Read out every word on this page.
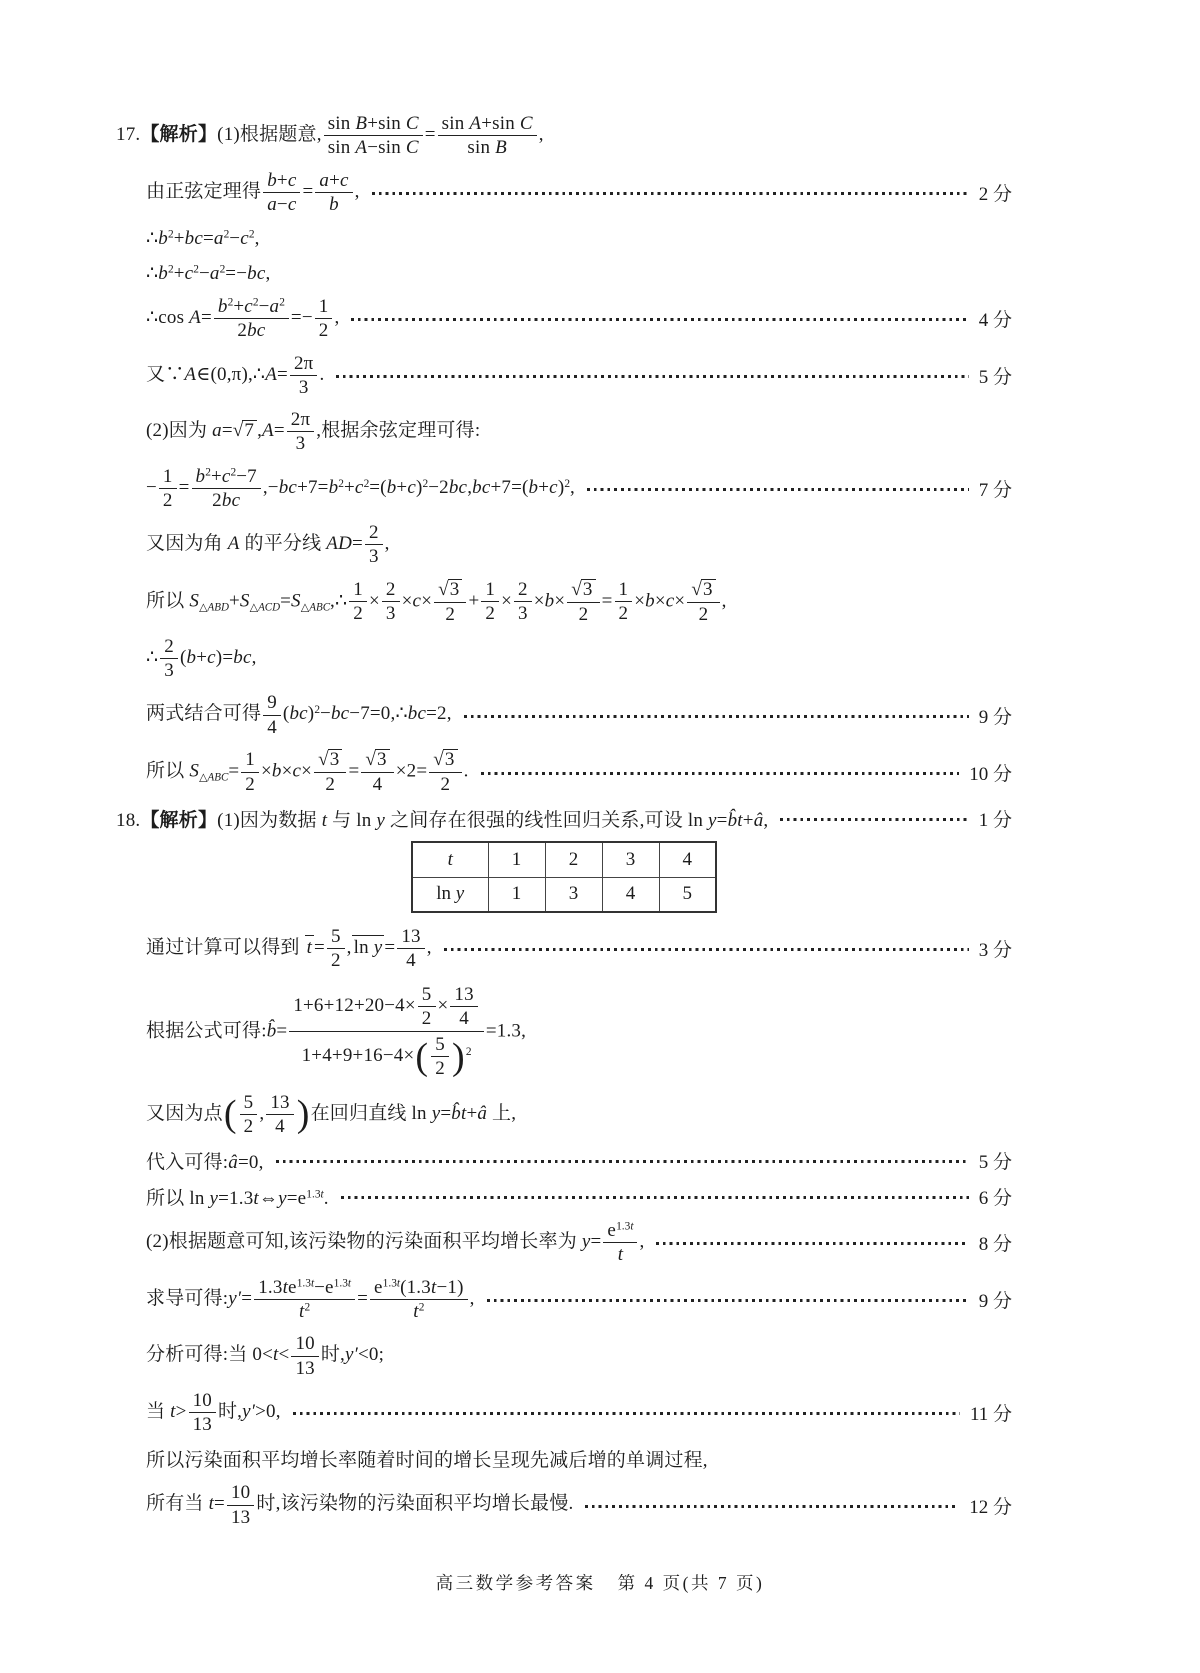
17.【解析】(1)根据题意, $\frac{\text{sin B+sin C}}{\text{sin A−sin C}} = \frac{\text{sin A+sin C}}{\text{sin B}}$ ,
由正弦定理得 $\frac{b+c}{a-c} = \frac{a+c}{b}$ ,	2 分
$\therefore b^2+bc=a^2-c^2$,
$\therefore b^2+c^2-a^2=-bc$,
∴cos $A= \frac{b^2+c^2-a^2}{2bc} =- \frac{1}{2}$ ,	4 分
又∵A∈(0,π),∴A= $\frac{2\pi}{3}$ .	5 分
(2)因为 a=√7 $,A= \frac{2\pi}{3}$ ,根据余弦定理可得:
− $\frac{1}{2} = \frac{b^2+c^2-7}{2bc} ,-bc+7=b^2+c^2=(b+c)^2-2bc,bc+7=(b+c)^2$,	7 分
又因为角 A 的平分线 $AD= \frac{2}{3}$ ,
所以 $S_{\triangle ABD}+S_{\triangle ACD}=S_{\triangle ABC},\therefore \frac{1}{2} \times \frac{2}{3} \times c\times \frac{√3}{2} + \frac{1}{2} \times \frac{2}{3} \times b\times \frac{√3}{2} = \frac{1}{2} \times b\times c\times \frac{√3}{2}$ ,
∴ $\frac{2}{3} (b+c)=bc$,
两式结合可得 $\frac{9}{4}$ (bc)$^2$−bc−7=0,∴bc=2,	9 分
所以 $S_{\triangle ABC}= \frac{1}{2} \times b\times c\times \frac{√3}{2} = \frac{√3}{4} \times 2= \frac{√3}{2}$ .	10 分
18.【解析】(1)因为数据 t 与 ln y 之间存在很强的线性回归关系,可设 ln y=b̂t+â,	1 分
t	1	2	3	4
ln y	1	3	4	5
通过计算可以得到 $t = \frac{5}{2}$ , $\ln y = \frac{13}{4}$ ,	3 分
根据公式可得:b̂= $\frac{1+6+12+20-4\times \frac{5}{2} \times \frac{13}{4}}{1+4+9+16-4\times( \frac{5}{2} )^2} =1.3$,
又因为点( $\frac{5}{2}$ , $\frac{13}{4}$ )在回归直线 ln y=b̂t+â 上,
代入可得:â=0,	5 分
所以 $\ln y=1.3t\Leftrightarrow y=e^{1.3t}$.	6 分
(2)根据题意可知,该污染物的污染面积平均增长率为 $y= \frac{e^{1.3t}}{t}$ ,	8 分
求导可得:y′= $\frac{1.3te^{1.3t}-e^{1.3t}}{t^2} = \frac{e^{1.3t}(1.3t-1)}{t^2}$ ,	9 分
分析可得:当 $0<t< \frac{10}{13}$ 时,y′<0;
当 $t> \frac{10}{13}$ 时,y′>0,	11 分
所以污染面积平均增长率随着时间的增长呈现先减后增的单调过程,
所有当 $t= \frac{10}{13}$ 时,该污染物的污染面积平均增长最慢.	12 分
高三数学参考答案 第 4 页(共 7 页)
